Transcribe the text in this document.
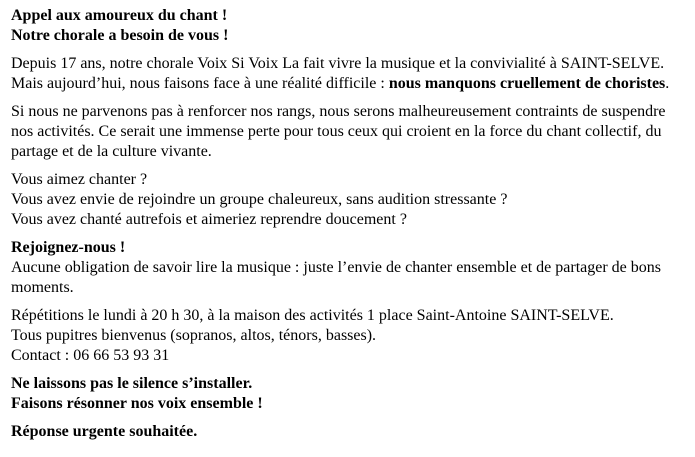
Appel aux amoureux du chant !
Notre chorale a besoin de vous !

Depuis 17 ans, notre chorale Voix Si Voix La fait vivre la musique et la convivialité à SAINT-SELVE. Mais aujourd’hui, nous faisons face à une réalité difficile : nous manquons cruellement de choristes.

Si nous ne parvenons pas à renforcer nos rangs, nous serons malheureusement contraints de suspendre nos activités. Ce serait une immense perte pour tous ceux qui croient en la force du chant collectif, du partage et de la culture vivante.

Vous aimez chanter ?
Vous avez envie de rejoindre un groupe chaleureux, sans audition stressante ?
Vous avez chanté autrefois et aimeriez reprendre doucement ?
Rejoignez-nous !
Aucune obligation de savoir lire la musique : juste l’envie de chanter ensemble et de partager de bons moments.
Répétitions le lundi à 20 h 30, à la maison des activités 1 place Saint-Antoine SAINT-SELVE.
Tous pupitres bienvenus (sopranos, altos, ténors, basses).
Contact : 06 66 53 93 31
Ne laissons pas le silence s’installer.
Faisons résonner nos voix ensemble !
Réponse urgente souhaitée.
